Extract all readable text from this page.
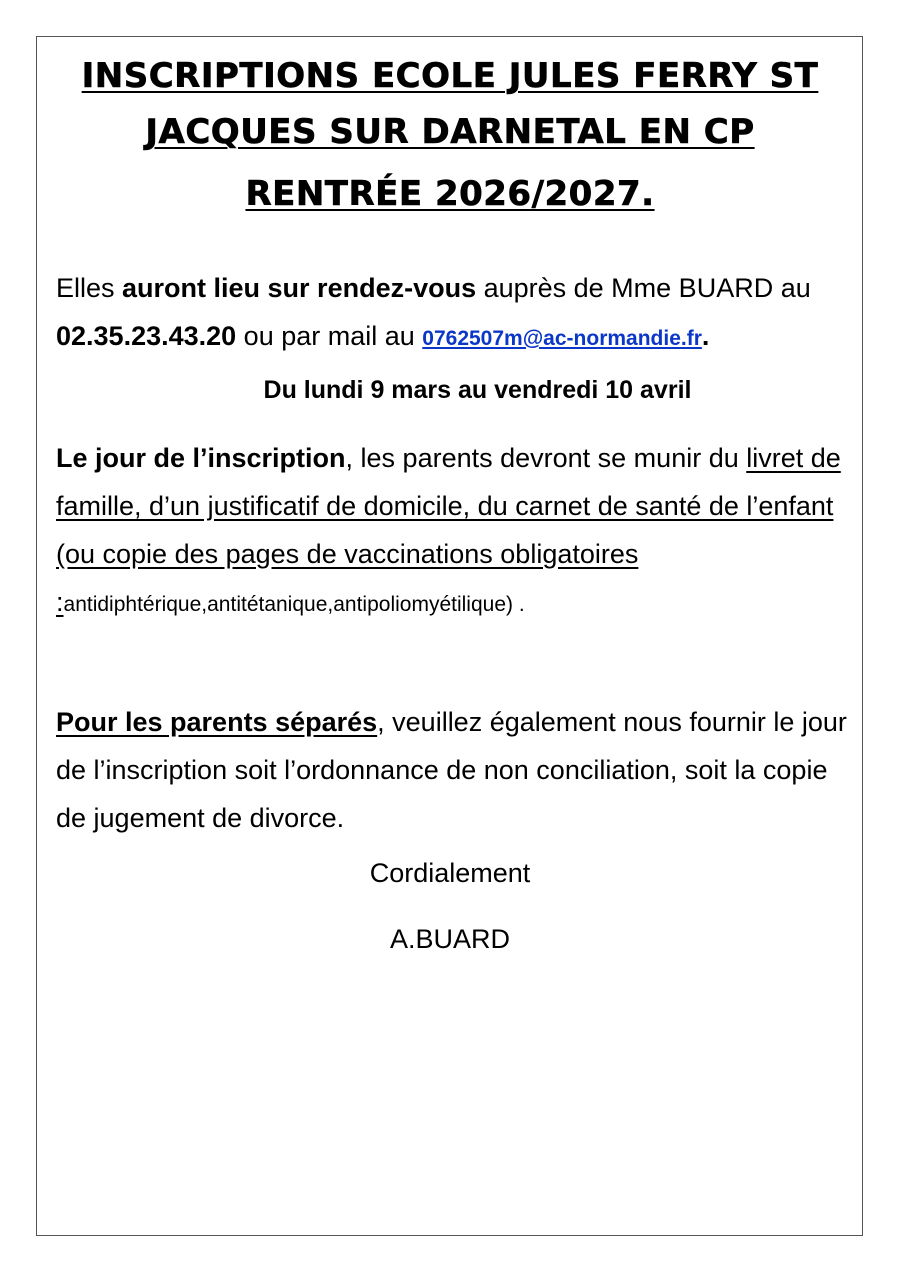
INSCRIPTIONS ECOLE JULES FERRY ST
JACQUES SUR DARNETAL EN CP
RENTRÉE 2026/2027.

Elles auront lieu sur rendez-vous auprès de Mme BUARD au 02.35.23.43.20 ou par mail au 0762507m@ac-normandie.fr.

Du lundi 9 mars au vendredi 10 avril

Le jour de l’inscription, les parents devront se munir du livret de famille, d’un justificatif de domicile, du carnet de santé de l’enfant (ou copie des pages de vaccinations obligatoires :antidiphtérique,antitétanique,antipoliomyétilique) .

Pour les parents séparés, veuillez également nous fournir le jour de l’inscription soit l’ordonnance de non conciliation, soit la copie de jugement de divorce.

Cordialement

A.BUARD
